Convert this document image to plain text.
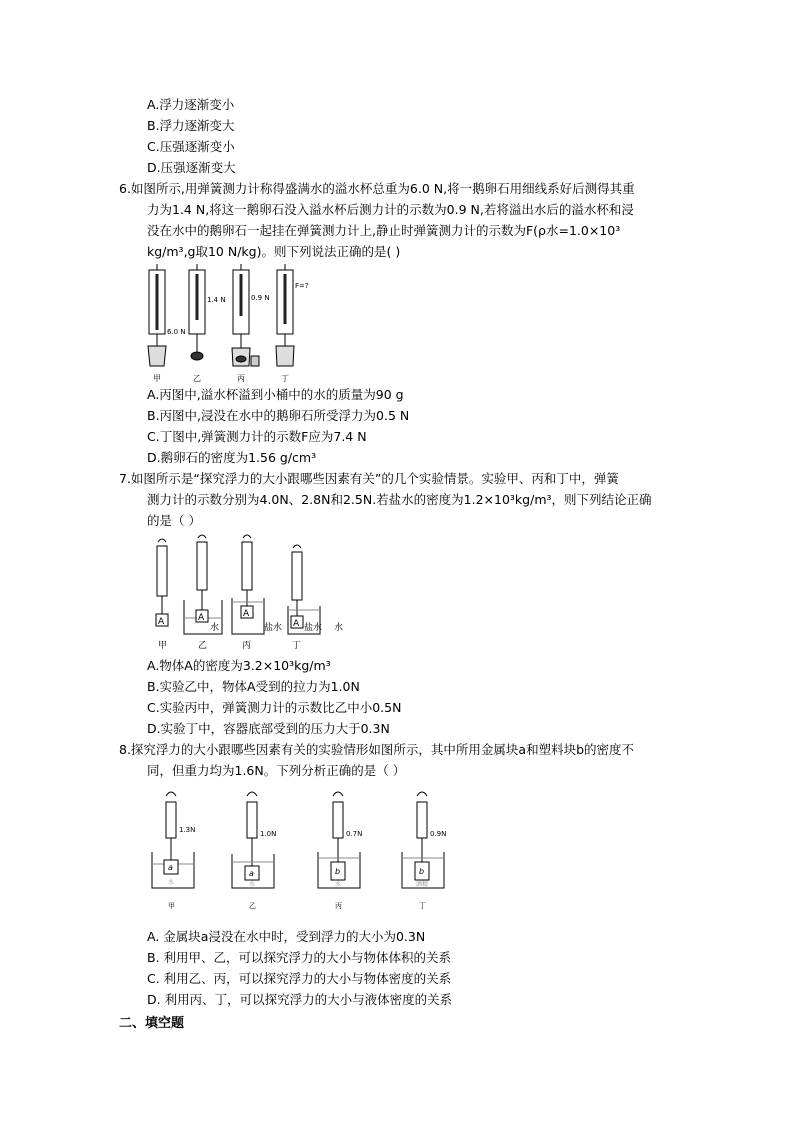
A.浮力逐渐变小
B.浮力逐渐变大
C.压强逐渐变小
D.压强逐渐变大
6.如图所示,用弹簧测力计称得盛满水的溢水杯总重为6.0 N,将一鹅卵石用细线系好后测得其重
力为1.4 N,将这一鹅卵石没入溢水杯后测力计的示数为0.9 N,若将溢出水后的溢水杯和浸
没在水中的鹅卵石一起挂在弹簧测力计上,静止时弹簧测力计的示数为F(ρ水=1.0×10³
kg/m³,g取10 N/kg)。则下列说法正确的是( )
6.0 N
1.4 N	0.9 N
F=?
甲	乙	丙	丁
A.丙图中,溢水杯溢到小桶中的水的质量为90 g
B.丙图中,浸没在水中的鹅卵石所受浮力为0.5 N
C.丁图中,弹簧测力计的示数F应为7.4 N
D.鹅卵石的密度为1.56 g/cm³
7.如图所示是“探究浮力的大小跟哪些因素有关”的几个实验情景。实验甲、丙和丁中，弹簧
测力计的示数分别为4.0N、2.8N和2.5N.若盐水的密度为1.2×10³kg/m³，则下列结论正确
的是（ ）
A	A	A
A
水	盐水 盐水 水
甲	乙	丙	丁
A.物体A的密度为3.2×10³kg/m³
B.实验乙中，物体A受到的拉力为1.0N
C.实验丙中，弹簧测力计的示数比乙中小0.5N
D.实验丁中，容器底部受到的压力大于0.3N
8.探究浮力的大小跟哪些因素有关的实验情形如图所示，其中所用金属块a和塑料块b的密度不
同，但重力均为1.6N。下列分析正确的是（ ）
1.3N	1.0N	0.7N	0.9N
a
a	b	b
水	水	水	酒精
甲	乙	丙	丁
A. 金属块a浸没在水中时，受到浮力的大小为0.3N
B. 利用甲、乙，可以探究浮力的大小与物体体积的关系
C. 利用乙、丙，可以探究浮力的大小与物体密度的关系
D. 利用丙、丁，可以探究浮力的大小与液体密度的关系
二、填空题
